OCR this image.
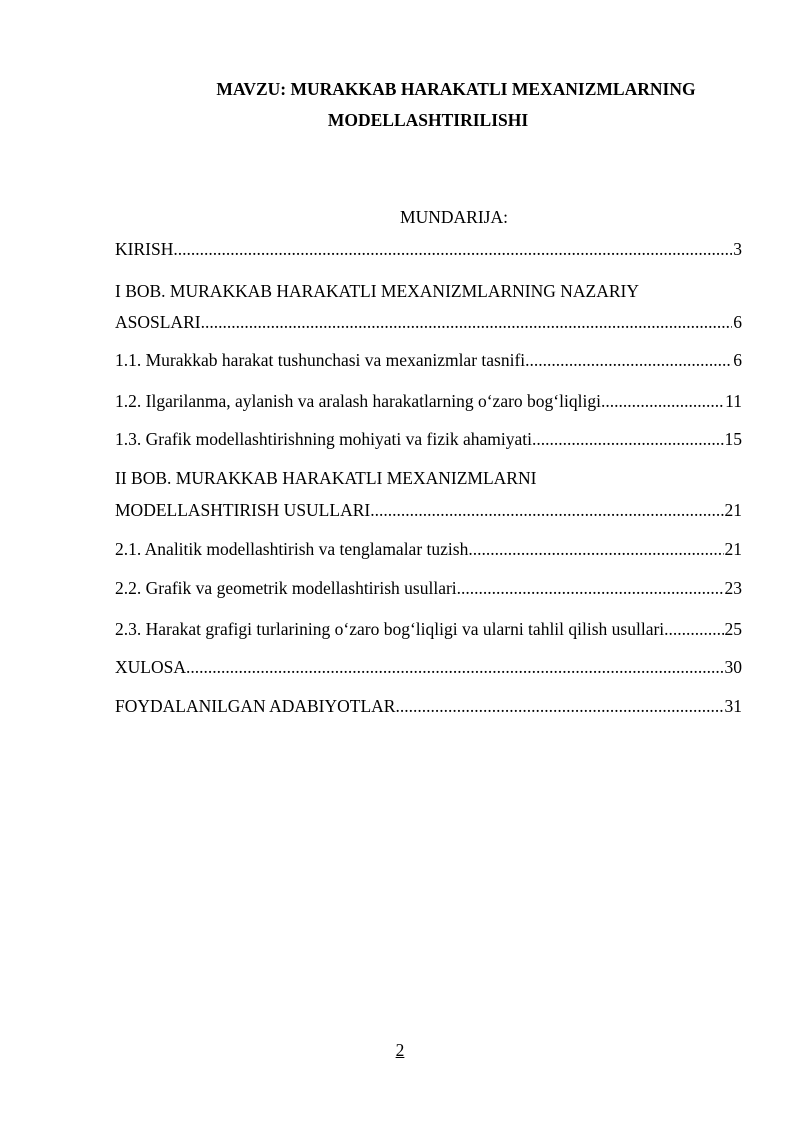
MAVZU: MURAKKAB HARAKATLI MEXANIZMLARNING
MODELLASHTIRILISHI
MUNDARIJA:
KIRISH .....	3
I BOB. MURAKKAB HARAKATLI MEXANIZMLARNING NAZARIY
ASOSLARI .....	6
1.1. Murakkab harakat tushunchasi va mexanizmlar tasnifi .....	6
1.2. Ilgarilanma, aylanish va aralash harakatlarning o‘zaro bog‘liqligi .....	11
1.3. Grafik modellashtirishning mohiyati va fizik ahamiyati .....	15
II BOB. MURAKKAB HARAKATLI MEXANIZMLARNI
MODELLASHTIRISH USULLARI .....	21
2.1. Analitik modellashtirish va tenglamalar tuzish .....	21
2.2. Grafik va geometrik modellashtirish usullari .....	23
2.3. Harakat grafigi turlarining o‘zaro bog‘liqligi va ularni tahlil qilish usullari .....	25
XULOSA .....	30
FOYDALANILGAN ADABIYOTLAR .....	31
2
